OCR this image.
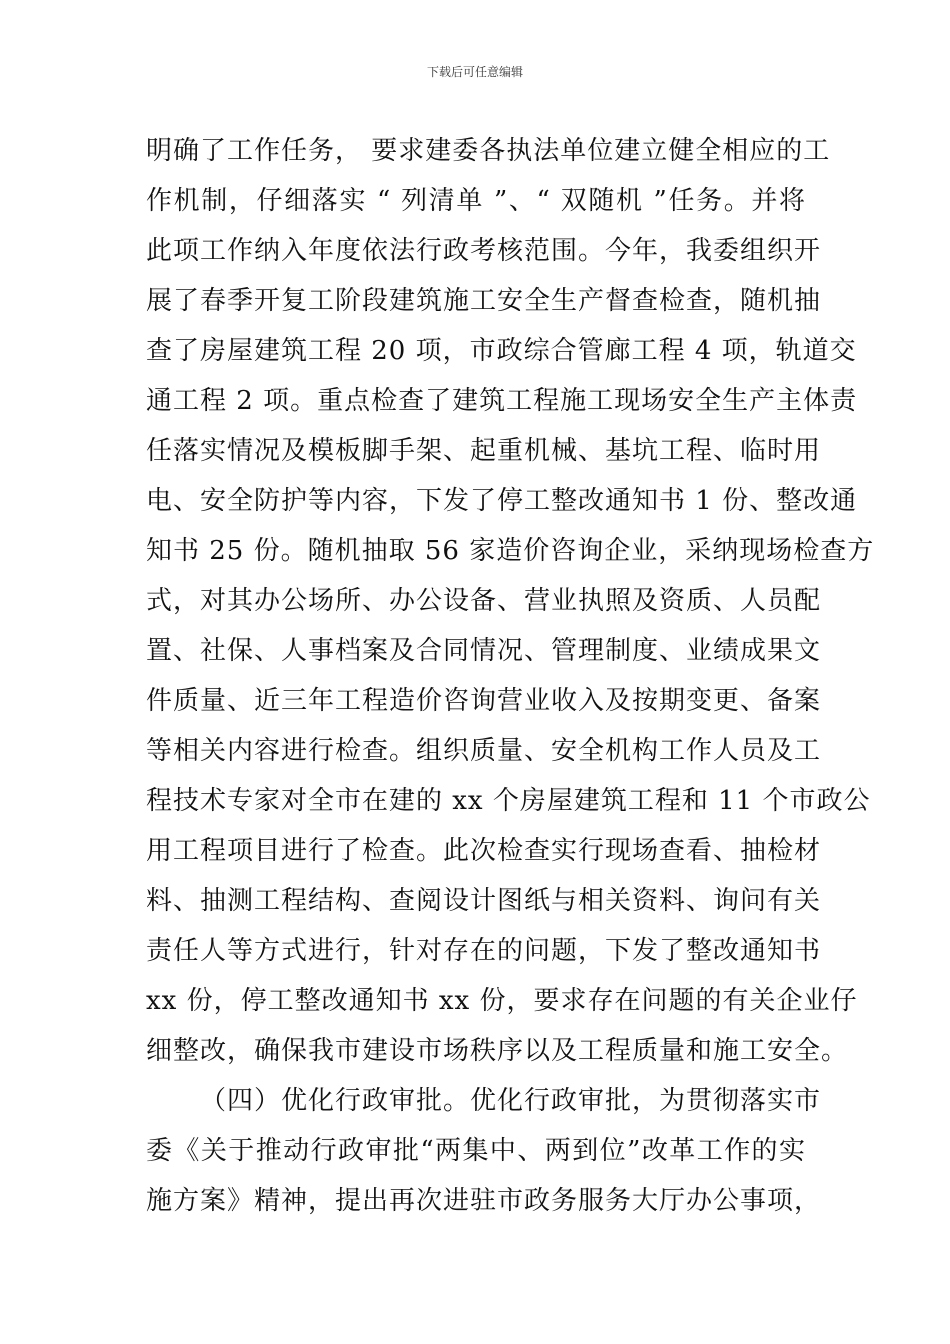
下载后可任意编辑
明确了工作任务， 要求建委各执法单位建立健全相应的工
作机制，仔细落实 “ 列清单 ”、“ 双随机 ”任务。并将
此项工作纳入年度依法行政考核范围。今年，我委组织开
展了春季开复工阶段建筑施工安全生产督查检查，随机抽
查了房屋建筑工程 20 项，市政综合管廊工程 4 项，轨道交
通工程 2 项。重点检查了建筑工程施工现场安全生产主体责
任落实情况及模板脚手架、起重机械、基坑工程、临时用
电、安全防护等内容，下发了停工整改通知书 1 份、整改通
知书 25 份。随机抽取 56 家造价咨询企业，采纳现场检查方
式，对其办公场所、办公设备、营业执照及资质、人员配
置、社保、人事档案及合同情况、管理制度、业绩成果文
件质量、近三年工程造价咨询营业收入及按期变更、备案
等相关内容进行检查。组织质量、安全机构工作人员及工
程技术专家对全市在建的 xx 个房屋建筑工程和 11 个市政公
用工程项目进行了检查。此次检查实行现场查看、抽检材
料、抽测工程结构、查阅设计图纸与相关资料、询问有关
责任人等方式进行，针对存在的问题，下发了整改通知书
xx 份，停工整改通知书 xx 份，要求存在问题的有关企业仔
细整改，确保我市建设市场秩序以及工程质量和施工安全。
（四）优化行政审批。优化行政审批，为贯彻落实市
委《关于推动行政审批“两集中、两到位”改革工作的实
施方案》精神，提出再次进驻市政务服务大厅办公事项，
